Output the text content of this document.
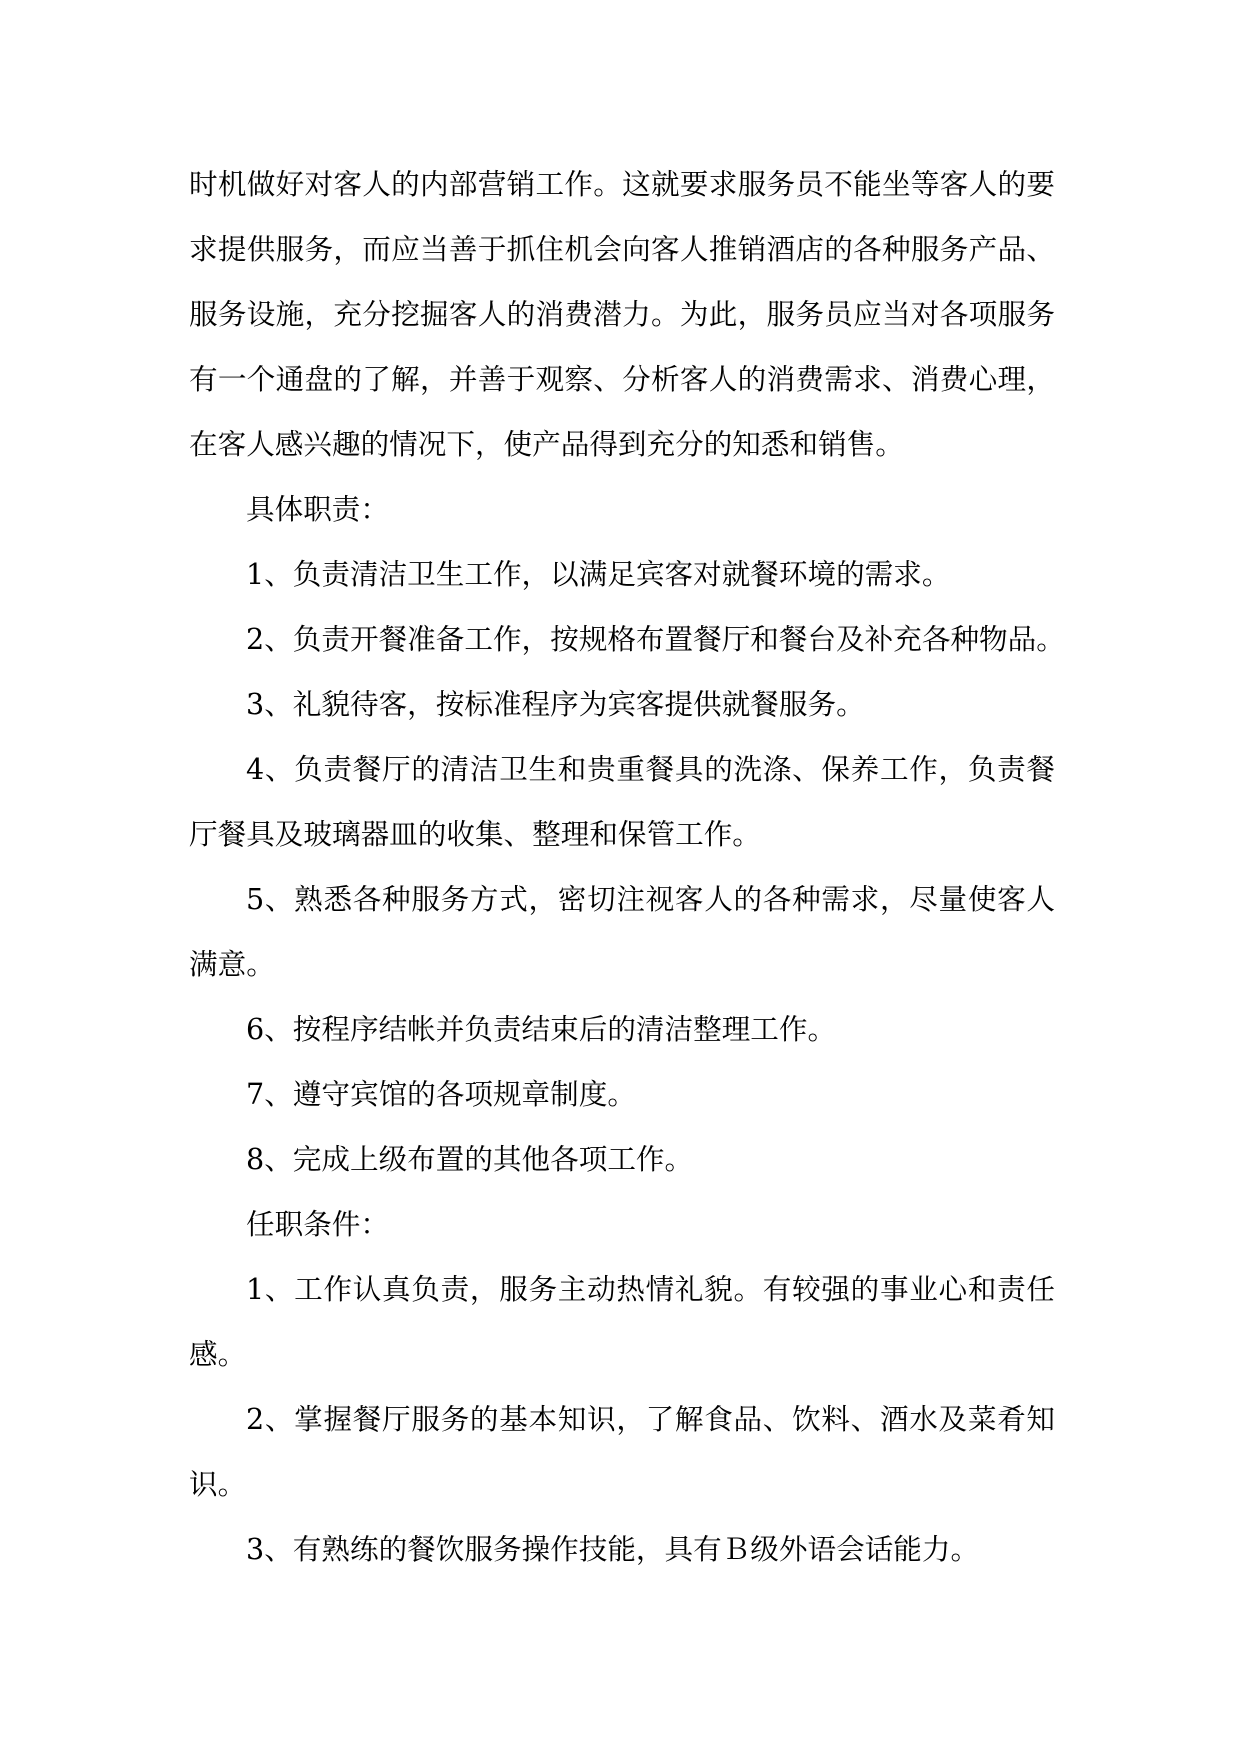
时机做好对客人的内部营销工作。这就要求服务员不能坐等客人的要
求提供服务，而应当善于抓住机会向客人推销酒店的各种服务产品、
服务设施，充分挖掘客人的消费潜力。为此，服务员应当对各项服务
有一个通盘的了解，并善于观察、分析客人的消费需求、消费心理，
在客人感兴趣的情况下，使产品得到充分的知悉和销售。
具体职责：
1、负责清洁卫生工作，以满足宾客对就餐环境的需求。
2、负责开餐准备工作，按规格布置餐厅和餐台及补充各种物品。
3、礼貌待客，按标准程序为宾客提供就餐服务。
4、负责餐厅的清洁卫生和贵重餐具的洗涤、保养工作，负责餐
厅餐具及玻璃器皿的收集、整理和保管工作。
5、熟悉各种服务方式，密切注视客人的各种需求，尽量使客人
满意。
6、按程序结帐并负责结束后的清洁整理工作。
7、遵守宾馆的各项规章制度。
8、完成上级布置的其他各项工作。
任职条件：
1、工作认真负责，服务主动热情礼貌。有较强的事业心和责任
感。
2、掌握餐厅服务的基本知识，了解食品、饮料、酒水及菜肴知
识。
3、有熟练的餐饮服务操作技能，具有Ｂ级外语会话能力。
